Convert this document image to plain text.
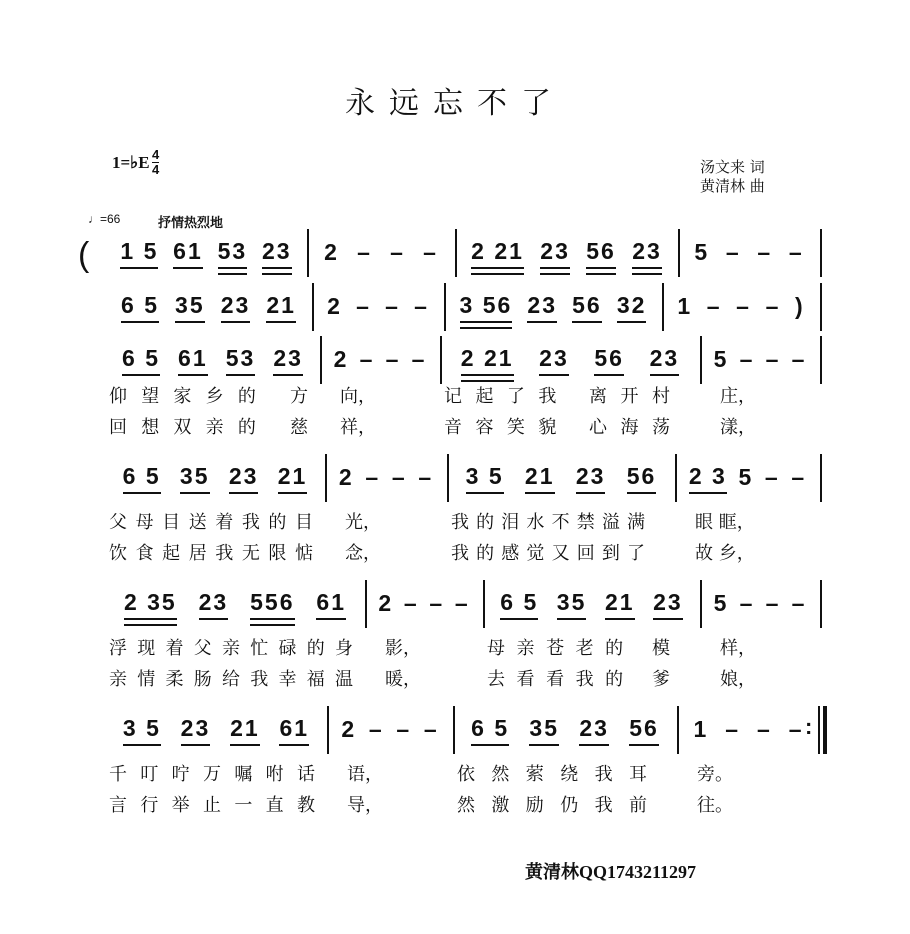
永远忘不了
1=♭E 4
4	汤文来 词
黄清林 曲
♩=66	抒情热烈地
( 1 5 61 53 23 2 – – – 2 21 23 56 23 5 – – –
6 5 35 23 21 2 – – – 3 56 23 56 32 1 – – – )
6 5 61 53 23 2 – – – 2 21 23 56 23 5 – – –
仰望家乡的 方 向，	记起了我 离开村	庄，
回想双亲的 慈 祥，	音容笑貌 心海荡	漾，
6 5 35 23 21 2 – – – 3 5 21 23 56 2 3 5 – –
父母目送着我的目 光，	我的泪水不禁溢满	眼 眶，
饮食起居我无限惦 念，	我的感觉又回到了	故 乡，
2 35 23 556 61 2 – – – 6 5 35 21 23 5 – – –
浮现着父亲忙碌的身 影，	母亲苍老的 模	样，
亲情柔肠给我幸福温 暖，	去看看我的 爹	娘，
3 5 23 21 61 2 – – – 6 5 35 23 56 1 – – – :
千叮咛万嘱咐话 语，	依然萦绕我耳	旁。
言行举止一直教 导，	然激励仍我前	往。
黄清林QQ1743211297
